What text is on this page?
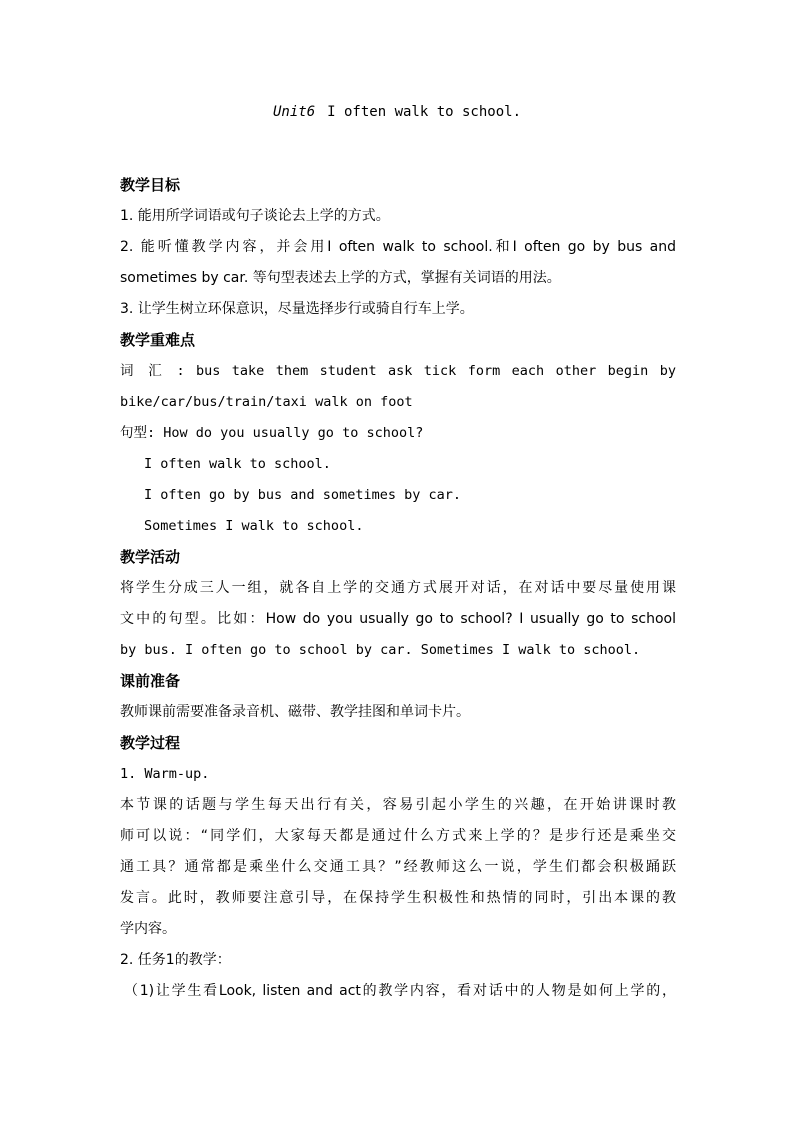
Unit6 I often walk to school.
教学目标
1. 能用所学词语或句子谈论去上学的方式。
2. 能听懂教学内容，并会用I often walk to school.和I often go by bus and
sometimes by car. 等句型表述去上学的方式，掌握有关词语的用法。
3. 让学生树立环保意识，尽量选择步行或骑自行车上学。
教学重难点
词 汇 : bus take them student ask tick form each other begin by
bike/car/bus/train/taxi walk on foot
句型: How do you usually go to school?
I often walk to school.
I often go by bus and sometimes by car.
Sometimes I walk to school.
教学活动
将学生分成三人一组，就各自上学的交通方式展开对话，在对话中要尽量使用课
文中的句型。比如：How do you usually go to school? I usually go to school
by bus. I often go to school by car. Sometimes I walk to school.
课前准备
教师课前需要准备录音机、磁带、教学挂图和单词卡片。
教学过程
1. Warm-up.
本节课的话题与学生每天出行有关，容易引起小学生的兴趣，在开始讲课时教
师可以说：“同学们，大家每天都是通过什么方式来上学的？是步行还是乘坐交
通工具？通常都是乘坐什么交通工具？”经教师这么一说，学生们都会积极踊跃
发言。此时，教师要注意引导，在保持学生积极性和热情的同时，引出本课的教
学内容。
2. 任务1的教学：
（1)让学生看Look, listen and act的教学内容，看对话中的人物是如何上学的，
